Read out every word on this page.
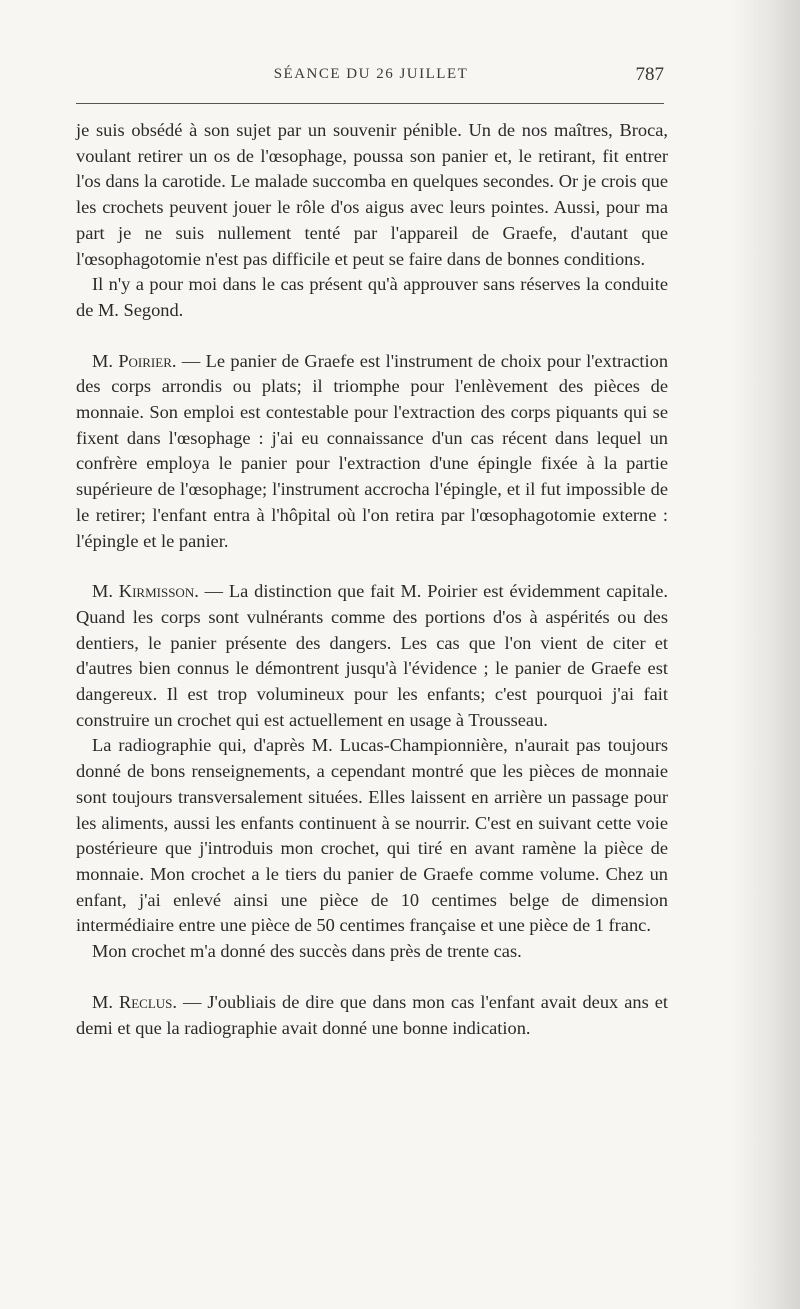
SÉANCE DU 26 JUILLET	787

je suis obsédé à son sujet par un souvenir pénible. Un de nos maîtres, Broca, voulant retirer un os de l'œsophage, poussa son panier et, le retirant, fit entrer l'os dans la carotide. Le malade succomba en quelques secondes. Or je crois que les crochets peuvent jouer le rôle d'os aigus avec leurs pointes. Aussi, pour ma part je ne suis nullement tenté par l'appareil de Graefe, d'autant que l'œsophagotomie n'est pas difficile et peut se faire dans de bonnes conditions.

Il n'y a pour moi dans le cas présent qu'à approuver sans réserves la conduite de M. Segond.

M. Poirier. — Le panier de Graefe est l'instrument de choix pour l'extraction des corps arrondis ou plats; il triomphe pour l'enlèvement des pièces de monnaie. Son emploi est contestable pour l'extraction des corps piquants qui se fixent dans l'œsophage : j'ai eu connaissance d'un cas récent dans lequel un confrère employa le panier pour l'extraction d'une épingle fixée à la partie supérieure de l'œsophage; l'instrument accrocha l'épingle, et il fut impossible de le retirer; l'enfant entra à l'hôpital où l'on retira par l'œsophagotomie externe : l'épingle et le panier.

M. Kirmisson. — La distinction que fait M. Poirier est évidemment capitale. Quand les corps sont vulnérants comme des portions d'os à aspérités ou des dentiers, le panier présente des dangers. Les cas que l'on vient de citer et d'autres bien connus le démontrent jusqu'à l'évidence ; le panier de Graefe est dangereux. Il est trop volumineux pour les enfants; c'est pourquoi j'ai fait construire un crochet qui est actuellement en usage à Trousseau.

La radiographie qui, d'après M. Lucas-Championnière, n'aurait pas toujours donné de bons renseignements, a cependant montré que les pièces de monnaie sont toujours transversalement situées. Elles laissent en arrière un passage pour les aliments, aussi les enfants continuent à se nourrir. C'est en suivant cette voie postérieure que j'introduis mon crochet, qui tiré en avant ramène la pièce de monnaie. Mon crochet a le tiers du panier de Graefe comme volume. Chez un enfant, j'ai enlevé ainsi une pièce de 10 centimes belge de dimension intermédiaire entre une pièce de 50 centimes française et une pièce de 1 franc.

Mon crochet m'a donné des succès dans près de trente cas.

M. Reclus. — J'oubliais de dire que dans mon cas l'enfant avait deux ans et demi et que la radiographie avait donné une bonne indication.
